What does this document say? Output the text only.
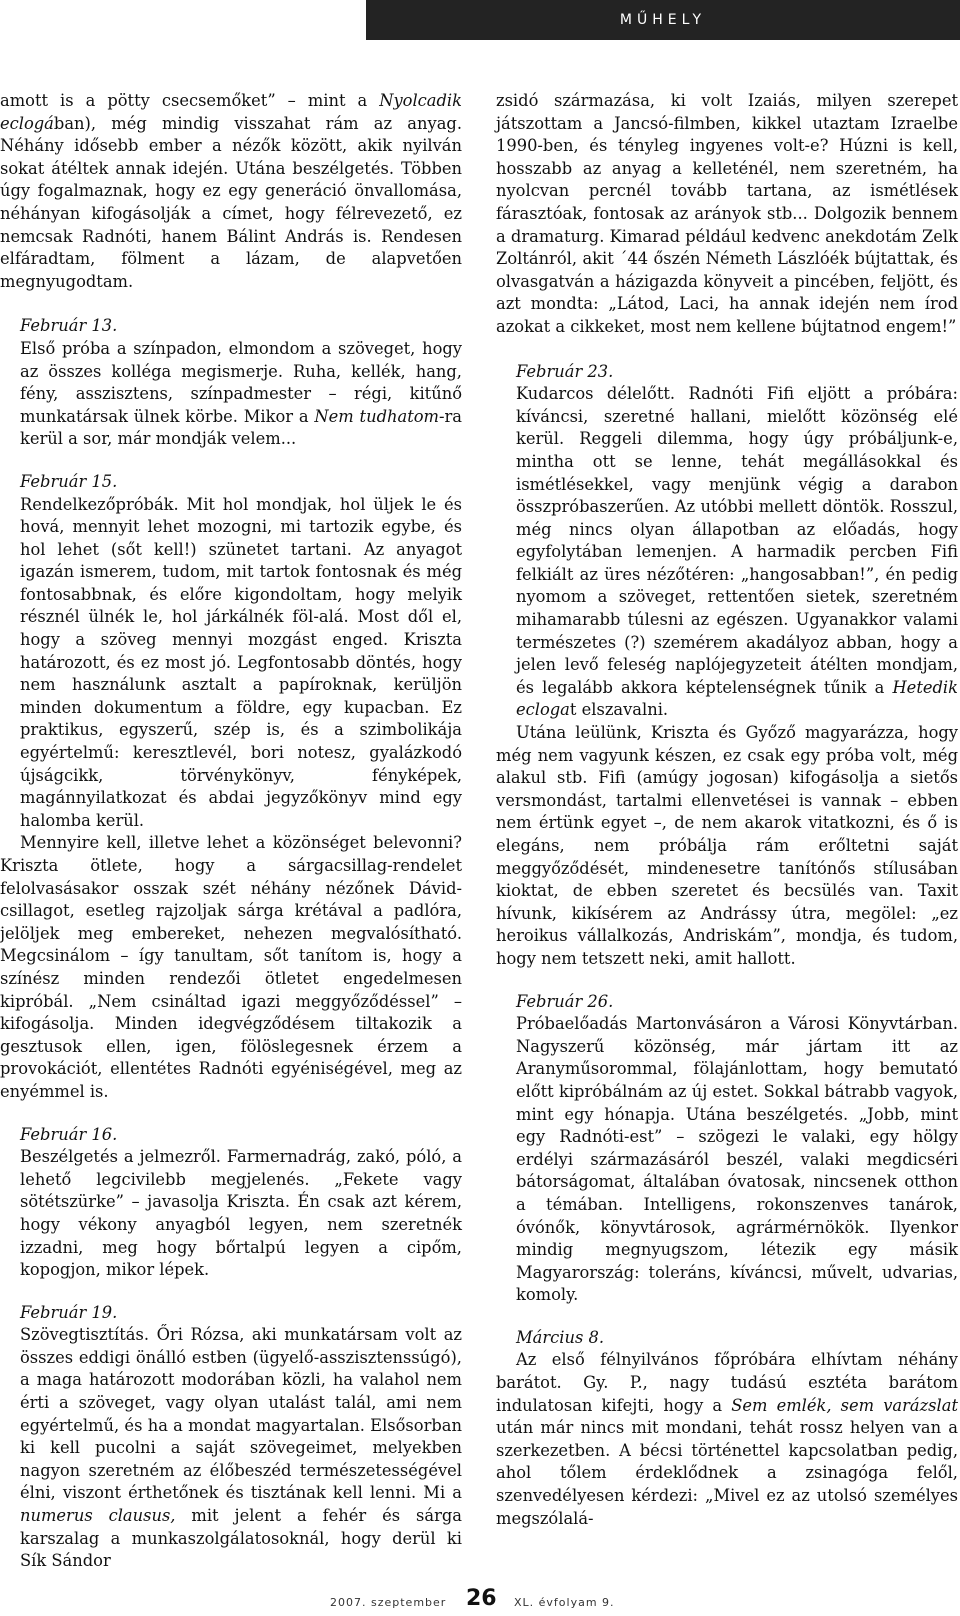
MŰHELY

amott is a pötty csecsemőket” – mint a Nyolcadik eclogában), még mindig visszahat rám az anyag. Néhány idősebb ember a nézők között, akik nyilván sokat átéltek annak idején. Utána beszélgetés. Többen úgy fogalmaznak, hogy ez egy generáció önvallomása, néhányan kifogásolják a címet, hogy félrevezető, ez nemcsak Radnóti, hanem Bálint András is. Rendesen elfáradtam, fölment a lázam, de alapvetően megnyugodtam.

Február 13.

Első próba a színpadon, elmondom a szöveget, hogy az összes kolléga megismerje. Ruha, kellék, hang, fény, asszisztens, színpadmester – régi, kitűnő munkatársak ülnek körbe. Mikor a Nem tudhatom-ra kerül a sor, már mondják velem...

Február 15.

Rendelkezőpróbák. Mit hol mondjak, hol üljek le és hová, mennyit lehet mozogni, mi tartozik egybe, és hol lehet (sőt kell!) szünetet tartani. Az anyagot igazán ismerem, tudom, mit tartok fontosnak és még fontosabbnak, és előre kigondoltam, hogy melyik résznél ülnék le, hol járkálnék föl-alá. Most dől el, hogy a szöveg mennyi mozgást enged. Kriszta határozott, és ez most jó. Legfontosabb döntés, hogy nem használunk asztalt a papíroknak, kerüljön minden dokumentum a földre, egy kupacban. Ez praktikus, egyszerű, szép is, és a szimbolikája egyértelmű: keresztlevél, bori notesz, gyalázkodó újságcikk, törvénykönyv, fényképek, magánnyilatkozat és abdai jegyzőkönyv mind egy halomba kerül.

Mennyire kell, illetve lehet a közönséget belevonni? Kriszta ötlete, hogy a sárgacsillag-rendelet felolvasásakor osszak szét néhány nézőnek Dávid-csillagot, esetleg rajzoljak sárga krétával a padlóra, jelöljek meg embereket, nehezen megvalósítható. Megcsinálom – így tanultam, sőt tanítom is, hogy a színész minden rendezői ötletet engedelmesen kipróbál. „Nem csináltad igazi meggyőződéssel” – kifogásolja. Minden idegvégződésem tiltakozik a gesztusok ellen, igen, fölöslegesnek érzem a provokációt, ellentétes Radnóti egyéniségével, meg az enyémmel is.

Február 16.

Beszélgetés a jelmezről. Farmernadrág, zakó, póló, a lehető legcivilebb megjelenés. „Fekete vagy sötétszürke” – javasolja Kriszta. Én csak azt kérem, hogy vékony anyagból legyen, nem szeretnék izzadni, meg hogy bőrtalpú legyen a cipőm, kopogjon, mikor lépek.

Február 19.

Szövegtisztítás. Őri Rózsa, aki munkatársam volt az összes eddigi önálló estben (ügyelő-asszisztenssúgó), a maga határozott modorában közli, ha valahol nem érti a szöveget, vagy olyan utalást talál, ami nem egyértelmű, és ha a mondat magyartalan. Elsősorban ki kell pucolni a saját szövegeimet, melyekben nagyon szeretném az élőbeszéd természetességével élni, viszont érthetőnek és tisztának kell lenni. Mi a numerus clausus, mit jelent a fehér és sárga karszalag a munkaszolgálatosoknál, hogy derül ki Sík Sándor

zsidó származása, ki volt Izaiás, milyen szerepet játszottam a Jancsó-filmben, kikkel utaztam Izraelbe 1990-ben, és tényleg ingyenes volt-e? Húzni is kell, hosszabb az anyag a kelleténél, nem szeretném, ha nyolcvan percnél tovább tartana, az ismétlések fárasztóak, fontosak az arányok stb... Dolgozik bennem a dramaturg. Kimarad például kedvenc anekdotám Zelk Zoltánról, akit ´44 őszén Németh Lászlóék bújtattak, és olvasgatván a házigazda könyveit a pincében, feljött, és azt mondta: „Látod, Laci, ha annak idején nem írod azokat a cikkeket, most nem kellene bújtatnod engem!”

Február 23.

Kudarcos délelőtt. Radnóti Fifi eljött a próbára: kíváncsi, szeretné hallani, mielőtt közönség elé kerül. Reggeli dilemma, hogy úgy próbáljunk-e, mintha ott se lenne, tehát megállásokkal és ismétlésekkel, vagy menjünk végig a darabon összpróbaszerűen. Az utóbbi mellett döntök. Rosszul, még nincs olyan állapotban az előadás, hogy egyfolytában lemenjen. A harmadik percben Fifi felkiált az üres nézőtéren: „hangosabban!”, én pedig nyomom a szöveget, rettentően sietek, szeretném mihamarabb túlesni az egészen. Ugyanakkor valami természetes (?) szemérem akadályoz abban, hogy a jelen levő feleség naplójegyzeteit átélten mondjam, és legalább akkora képtelenségnek tűnik a Hetedik eclogat elszavalni.

Utána leülünk, Kriszta és Győző magyarázza, hogy még nem vagyunk készen, ez csak egy próba volt, még alakul stb. Fifi (amúgy jogosan) kifogásolja a sietős versmondást, tartalmi ellenvetései is vannak – ebben nem értünk egyet –, de nem akarok vitatkozni, és ő is elegáns, nem próbálja rám erőltetni saját meggyőződését, mindenesetre tanítónős stílusában kioktat, de ebben szeretet és becsülés van. Taxit hívunk, kikísérem az Andrássy útra, megölel: „ez heroikus vállalkozás, Andriskám”, mondja, és tudom, hogy nem tetszett neki, amit hallott.

Február 26.

Próbaelőadás Martonvásáron a Városi Könyvtárban. Nagyszerű közönség, már jártam itt az Aranyműsorommal, fölajánlottam, hogy bemutató előtt kipróbálnám az új estet. Sokkal bátrabb vagyok, mint egy hónapja. Utána beszélgetés. „Jobb, mint egy Radnóti-est” – szögezi le valaki, egy hölgy erdélyi származásáról beszél, valaki megdicséri bátorságomat, általában óvatosak, nincsenek otthon a témában. Intelligens, rokonszenves tanárok, óvónők, könyvtárosok, agrármérnökök. Ilyenkor mindig megnyugszom, létezik egy másik Magyarország: toleráns, kíváncsi, művelt, udvarias, komoly.

Március 8.

Az első félnyilvános főpróbára elhívtam néhány barátot. Gy. P., nagy tudású esztéta barátom indulatosan kifejti, hogy a Sem emlék, sem varázslat után már nincs mit mondani, tehát rossz helyen van a szerkezetben. A bécsi történettel kapcsolatban pedig, ahol tőlem érdeklődnek a zsinagóga felől, szenvedélyesen kérdezi: „Mivel ez az utolsó személyes megszólalá-

2007. szeptember 26 XL. évfolyam 9.
